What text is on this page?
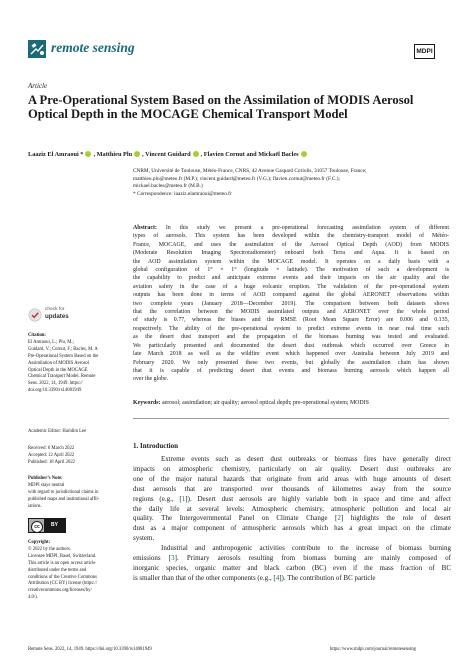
remote sensing	MDPI
Article
A Pre-Operational System Based on the Assimilation of MODIS Aerosol Optical Depth in the MOCAGE Chemical Transport Model
Laaziz El Amraoui * , Matthieu Plu , Vincent Guidard , Flavien Cornut and Mickaël Bacles
CNRM, Université de Toulouse, Météo-France, CNRS, 42 Avenue Gaspard Coriolis, 31057 Toulouse, France;
matthieu.plu@meteo.fr (M.P.); vincent.guidard@meteo.fr (V.G.); flavien.cornut@meteo.fr (F.C.);
mickael.bacles@meteo.fr (M.B.)
* Correspondence: laaziz.elamraoui@meteo.fr
Abstract: In this study we present a pre-operational forecasting assimilation system of different
types of aerosols. This system has been developed within the chemistry-transport model of Météo-
France, MOCAGE, and uses the assimilation of the Aerosol Optical Depth (AOD) from MODIS
(Moderate Resolution Imaging Spectroradiometer) onboard both Terra and Aqua. It is based on
the AOD assimilation system within the MOCAGE model. It operates on a daily basis with a
global configuration of 1° × 1° (longitude × latitude). The motivation of such a development is
the capability to predict and anticipate extreme events and their impacts on the air quality and the
aviation safety in the case of a huge volcanic eruption. The validation of the pre-operational system
outputs has been done in terms of AOD compared against the global AERONET observations within
two complete years (January 2018—December 2019). The comparison between both datasets shows
that the correlation between the MODIS assimilated outputs and AERONET over the whole period
of study is 0.77, whereas the biases and the RMSE (Root Mean Square Error) are 0.006 and 0.135,
respectively. The ability of the pre-operational system to predict extreme events in near real time such
as the desert dust transport and the propagation of the biomass burning was tested and evaluated.
We particularly presented and documented the desert dust outbreak which occurred over Greece in
late March 2018 as well as the wildfire event which happened over Australia between July 2019 and
February 2020. We only presented these two events, but globally the assimilation chain has shown
that it is capable of predicting desert dust events and biomass burning aerosols which happen all
over the globe.
Keywords: aerosol; assimilation; air quality; aerosol optical depth; pre-operational system; MODIS
check for
updates
Citation:
El Amraoui, L.; Plu, M.;
Guidard, V.; Cornut, F.; Bacles, M. A
Pre-Operational System Based on the
Assimilation of MODIS Aerosol
Optical Depth in the MOCAGE
Chemical Transport Model. Remote
Sens. 2022, 14, 1949. https://
doi.org/10.3390/rs14081949
Academic Editor: Haridim Lee
Received: 6 March 2022
Accepted: 12 April 2022
Published: 18 April 2022
Publisher’s Note:
MDPI stays neutral
with regard to jurisdictional claims in
published maps and institutional affil-
iations.
cc	BY
Copyright:
© 2022 by the authors.
Licensee MDPI, Basel, Switzerland.
This article is an open access article
distributed under the terms and
conditions of the Creative Commons
Attribution (CC BY) license (https://
creativecommons.org/licenses/by/
4.0/).
1. Introduction
Extreme events such as desert dust outbreaks or biomass fires have generally direct
impacts on atmospheric chemistry, particularly on air quality. Desert dust outbreaks are
one of the major natural hazards that originate from arid areas with huge amounts of desert
dust aerosols that are transported over thousands of kilometres away from the source
regions (e.g., [1]). Desert dust aerosols are highly variable both in space and time and affect
the daily life at several levels: Atmospheric chemistry, atmospheric pollution and local air
quality. The Intergovernmental Panel on Climate Change [2] highlights the role of desert
dust as a major component of atmospheric aerosols which has a great impact on the climate
system.
Industrial and anthropogenic activities contribute to the increase of biomass burning
emissions [3]. Primary aerosols resulting from biomass burning are mainly composed of
inorganic species, organic matter and black carbon (BC) even if the mass fraction of BC
is smaller than that of the other components (e.g., [4]). The contribution of BC particle
Remote Sens. 2022, 14, 1949. https://doi.org/10.3390/rs14081949	https://www.mdpi.com/journal/remotesensing
